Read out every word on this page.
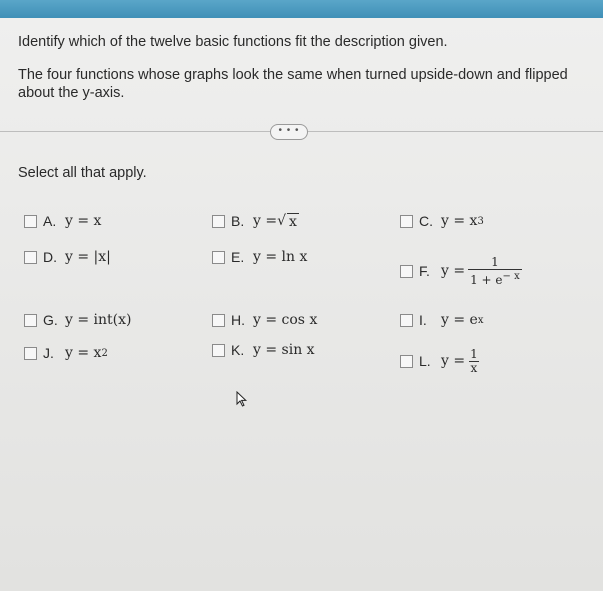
Identify which of the twelve basic functions fit the description given.
The four functions whose graphs look the same when turned upside-down and flipped about the y-axis.
• • •
Select all that apply.
A. y = x	B. y = √ x	C. y = x 3
D. y = |x|	E. y = ln x
F. $y = \frac{1}{1 + e^{- x}}$
G. y = int(x)	H. y = cos x	I.	y = e x
J. y = x 2	K. y = sin x
L. $y = \frac{1}{x}$
